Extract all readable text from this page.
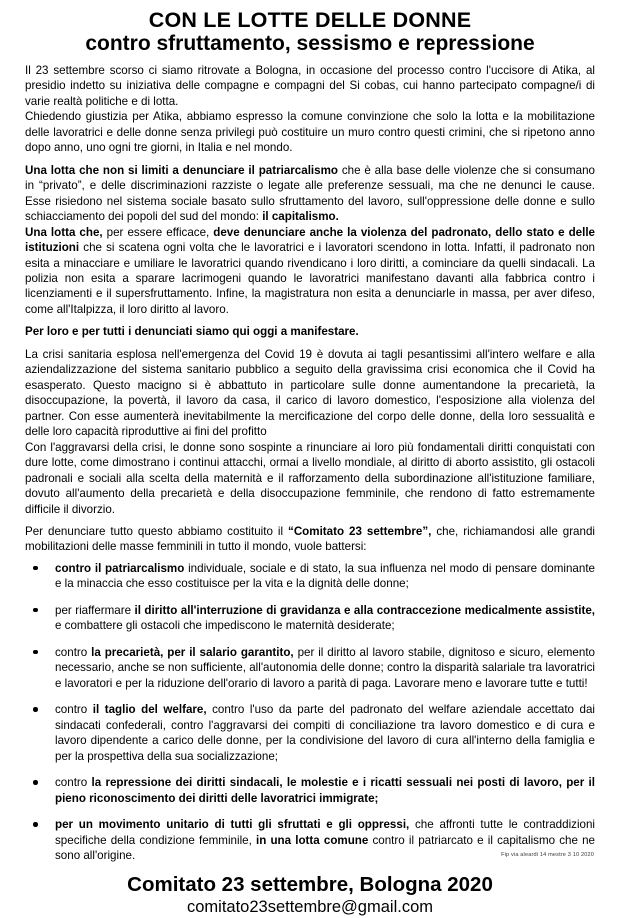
CON LE LOTTE DELLE DONNE
contro sfruttamento, sessismo e repressione

Il 23 settembre scorso ci siamo ritrovate a Bologna, in occasione del processo contro l'uccisore di Atika, al presidio indetto su iniziativa delle compagne e compagni del Si cobas, cui hanno partecipato compagne/i di varie realtà politiche e di lotta.

Chiedendo giustizia per Atika, abbiamo espresso la comune convinzione che solo la lotta e la mobilitazione delle lavoratrici e delle donne senza privilegi può costituire un muro contro questi crimini, che si ripetono anno dopo anno, uno ogni tre giorni, in Italia e nel mondo.

Una lotta che non si limiti a denunciare il patriarcalismo che è alla base delle violenze che si consumano in “privato”, e delle discriminazioni razziste o legate alle preferenze sessuali, ma che ne denunci le cause. Esse risiedono nel sistema sociale basato sullo sfruttamento del lavoro, sull'oppressione delle donne e sullo schiacciamento dei popoli del sud del mondo: il capitalismo.

Una lotta che, per essere efficace, deve denunciare anche la violenza del padronato, dello stato e delle istituzioni che si scatena ogni volta che le lavoratrici e i lavoratori scendono in lotta. Infatti, il padronato non esita a minacciare e umiliare le lavoratrici quando rivendicano i loro diritti, a cominciare da quelli sindacali. La polizia non esita a sparare lacrimogeni quando le lavoratrici manifestano davanti alla fabbrica contro i licenziamenti e il supersfruttamento. Infine, la magistratura non esita a denunciarle in massa, per aver difeso, come all'Italpizza, il loro diritto al lavoro.

Per loro e per tutti i denunciati siamo qui oggi a manifestare.

La crisi sanitaria esplosa nell'emergenza del Covid 19 è dovuta ai tagli pesantissimi all'intero welfare e alla aziendalizzazione del sistema sanitario pubblico a seguito della gravissima crisi economica che il Covid ha esasperato. Questo macigno si è abbattuto in particolare sulle donne aumentandone la precarietà, la disoccupazione, la povertà, il lavoro da casa, il carico di lavoro domestico, l'esposizione alla violenza del partner. Con esse aumenterà inevitabilmente la mercificazione del corpo delle donne, della loro sessualità e delle loro capacità riproduttive ai fini del profitto

Con l'aggravarsi della crisi, le donne sono sospinte a rinunciare ai loro più fondamentali diritti conquistati con dure lotte, come dimostrano i continui attacchi, ormai a livello mondiale, al diritto di aborto assistito, gli ostacoli padronali e sociali alla scelta della maternità e il rafforzamento della subordinazione all'istituzione familiare, dovuto all'aumento della precarietà e della disoccupazione femminile, che rendono di fatto estremamente difficile il divorzio.

Per denunciare tutto questo abbiamo costituito il “Comitato 23 settembre”, che, richiamandosi alle grandi mobilitazioni delle masse femminili in tutto il mondo, vuole battersi:

contro il patriarcalismo individuale, sociale e di stato, la sua influenza nel modo di pensare dominante e la minaccia che esso costituisce per la vita e la dignità delle donne;
per riaffermare il diritto all'interruzione di gravidanza e alla contraccezione medicalmente assistite, e combattere gli ostacoli che impediscono le maternità desiderate;
contro la precarietà, per il salario garantito, per il diritto al lavoro stabile, dignitoso e sicuro, elemento necessario, anche se non sufficiente, all'autonomia delle donne; contro la disparità salariale tra lavoratrici e lavoratori e per la riduzione dell'orario di lavoro a parità di paga. Lavorare meno e lavorare tutte e tutti!
contro il taglio del welfare, contro l'uso da parte del padronato del welfare aziendale accettato dai sindacati confederali, contro l'aggravarsi dei compiti di conciliazione tra lavoro domestico e di cura e lavoro dipendente a carico delle donne, per la condivisione del lavoro di cura all'interno della famiglia e per la prospettiva della sua socializzazione;
contro la repressione dei diritti sindacali, le molestie e i ricatti sessuali nei posti di lavoro, per il pieno riconoscimento dei diritti delle lavoratrici immigrate;
per un movimento unitario di tutti gli sfruttati e gli oppressi, che affronti tutte le contraddizioni specifiche della condizione femminile, in una lotta comune contro il patriarcato e il capitalismo che ne sono all'origine.
Comitato 23 settembre, Bologna 2020
comitato23settembre@gmail.com
Fip via aleardi 14 mestre 3 10 2020
